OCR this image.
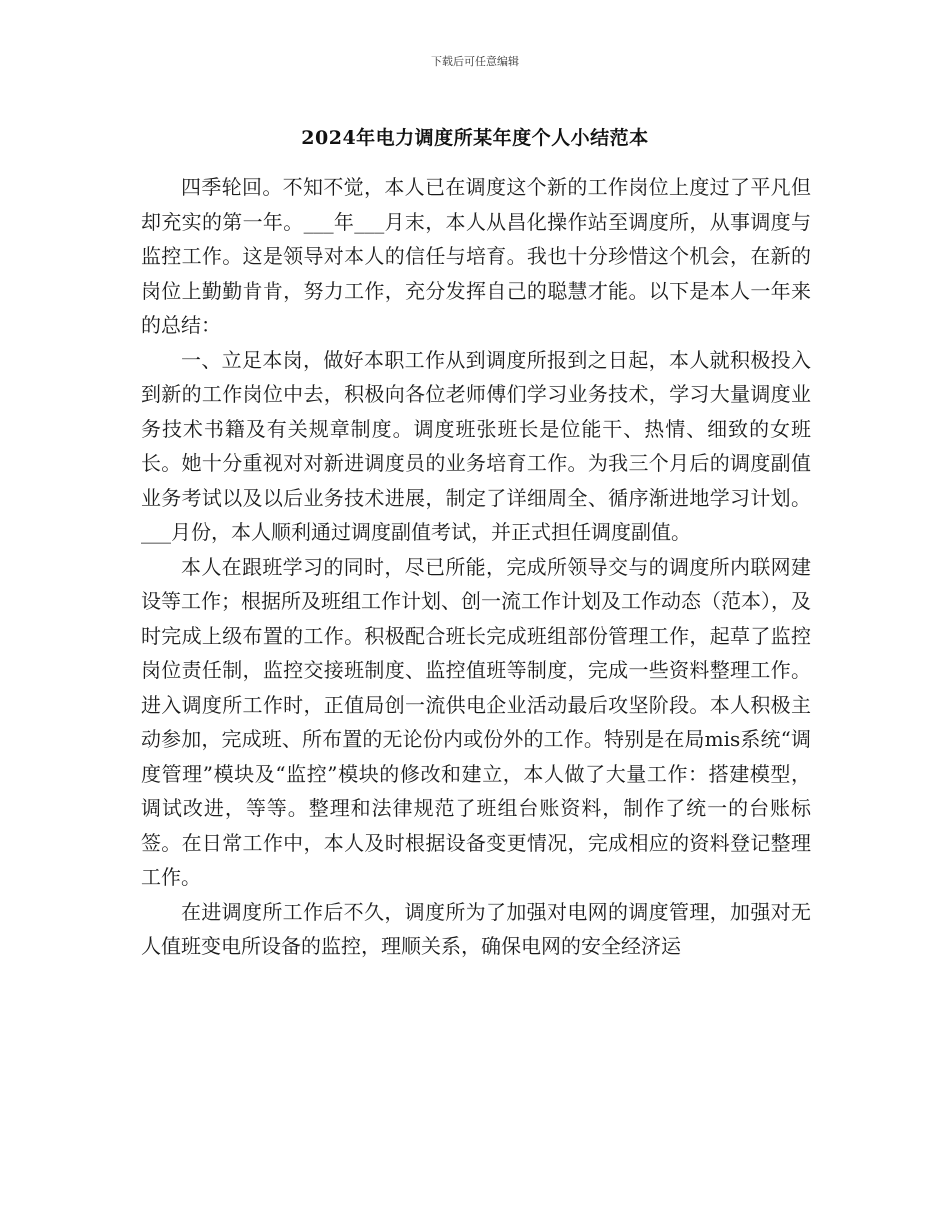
下载后可任意编辑
2024年电力调度所某年度个人小结范本

四季轮回。不知不觉，本人已在调度这个新的工作岗位上度过了平凡但却充实的第一年。___年___月末，本人从昌化操作站至调度所，从事调度与监控工作。这是领导对本人的信任与培育。我也十分珍惜这个机会，在新的岗位上勤勤肯肯，努力工作，充分发挥自己的聪慧才能。以下是本人一年来的总结：

一、立足本岗，做好本职工作从到调度所报到之日起，本人就积极投入到新的工作岗位中去，积极向各位老师傅们学习业务技术，学习大量调度业务技术书籍及有关规章制度。调度班张班长是位能干、热情、细致的女班长。她十分重视对对新进调度员的业务培育工作。为我三个月后的调度副值业务考试以及以后业务技术进展，制定了详细周全、循序渐进地学习计划。___月份，本人顺利通过调度副值考试，并正式担任调度副值。

本人在跟班学习的同时，尽已所能，完成所领导交与的调度所内联网建设等工作；根据所及班组工作计划、创一流工作计划及工作动态（范本），及时完成上级布置的工作。积极配合班长完成班组部份管理工作，起草了监控岗位责任制，监控交接班制度、监控值班等制度，完成一些资料整理工作。进入调度所工作时，正值局创一流供电企业活动最后攻坚阶段。本人积极主动参加，完成班、所布置的无论份内或份外的工作。特别是在局mis系统“调度管理”模块及“监控”模块的修改和建立，本人做了大量工作：搭建模型，调试改进，等等。整理和法律规范了班组台账资料，制作了统一的台账标签。在日常工作中，本人及时根据设备变更情况，完成相应的资料登记整理工作。

在进调度所工作后不久，调度所为了加强对电网的调度管理，加强对无人值班变电所设备的监控，理顺关系，确保电网的安全经济运
